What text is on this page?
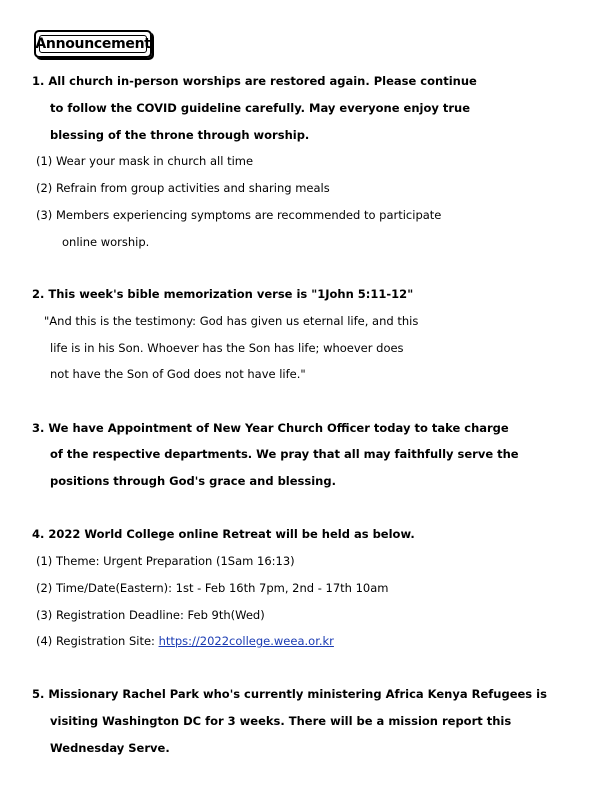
Announcement
1. All church in-person worships are restored again. Please continue
to follow the COVID guideline carefully. May everyone enjoy true
blessing of the throne through worship.
(1) Wear your mask in church all time
(2) Refrain from group activities and sharing meals
(3) Members experiencing symptoms are recommended to participate
online worship.
2. This week's bible memorization verse is "1John 5:11-12"
"And this is the testimony: God has given us eternal life, and this
life is in his Son. Whoever has the Son has life; whoever does
not have the Son of God does not have life."
3. We have Appointment of New Year Church Officer today to take charge
of the respective departments. We pray that all may faithfully serve the
positions through God's grace and blessing.
4. 2022 World College online Retreat will be held as below.
(1) Theme: Urgent Preparation (1Sam 16:13)
(2) Time/Date(Eastern): 1st - Feb 16th 7pm, 2nd - 17th 10am
(3) Registration Deadline: Feb 9th(Wed)
(4) Registration Site: https://2022college.weea.or.kr
5. Missionary Rachel Park who's currently ministering Africa Kenya Refugees is
visiting Washington DC for 3 weeks. There will be a mission report this
Wednesday Serve.
